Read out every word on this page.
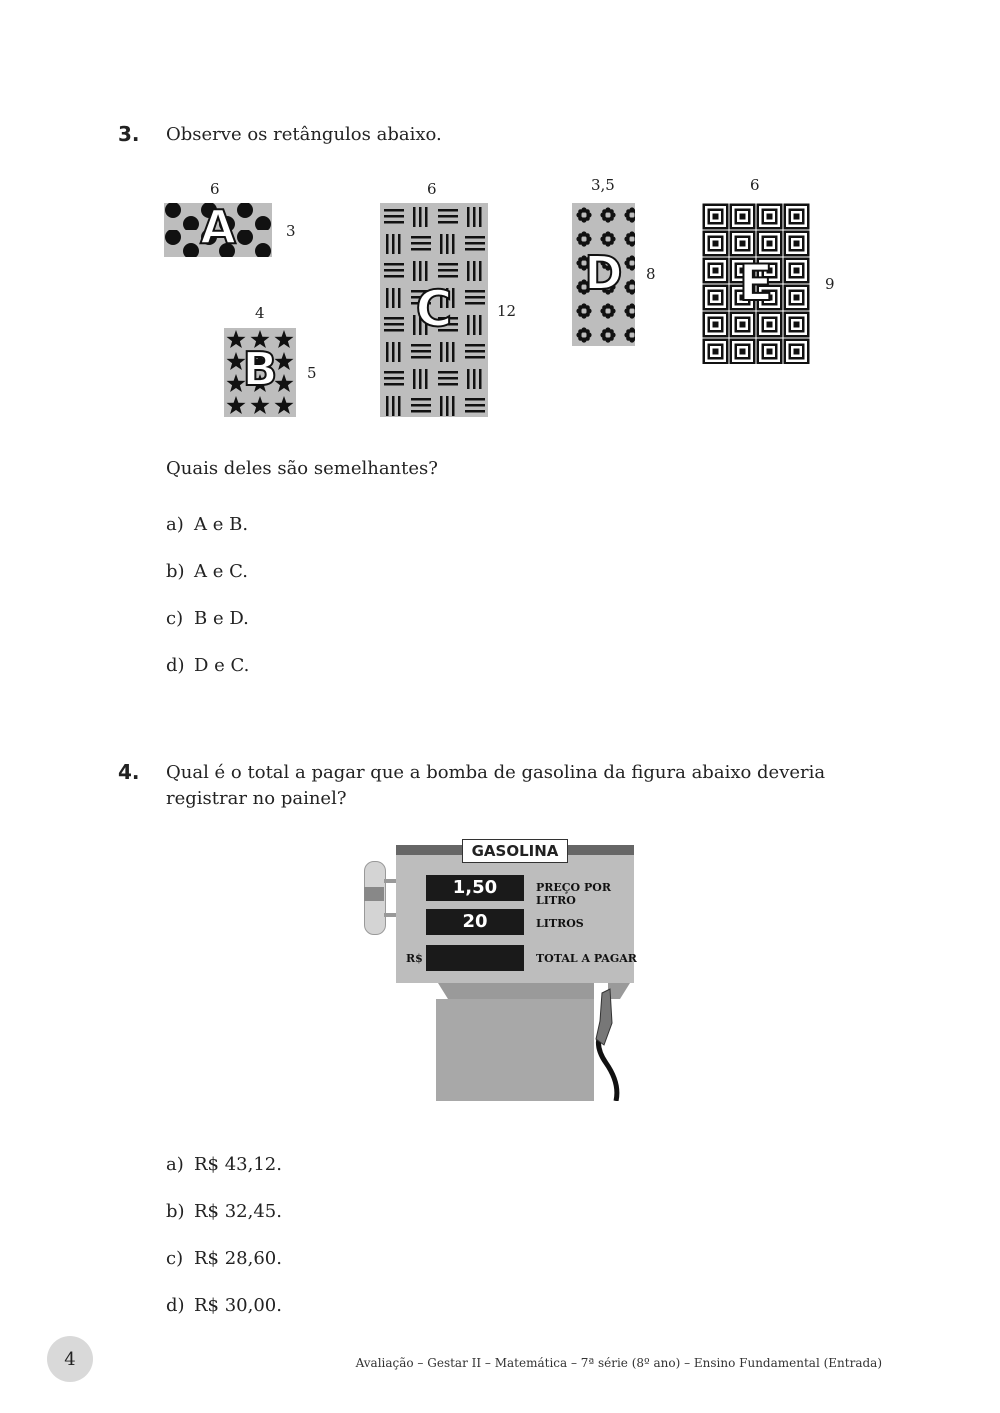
3. Observe os retângulos abaixo.
6
A	3
4
B	5
6
C	12
3,5
D	8
6
E	9
Quais deles são semelhantes?
a) A e B.
b) A e C.
c) B e D.
d) D e C.
4. Qual é o total a pagar que a bomba de gasolina da figura abaixo deveria registrar no painel?
GASOLINA
1,50	PREÇO POR LITRO
20	LITROS
R$	TOTAL A PAGAR
a) R$ 43,12.
b) R$ 32,45.
c) R$ 28,60.
d) R$ 30,00.
4	Avaliação – Gestar II – Matemática – 7ª série (8º ano) – Ensino Fundamental (Entrada)
